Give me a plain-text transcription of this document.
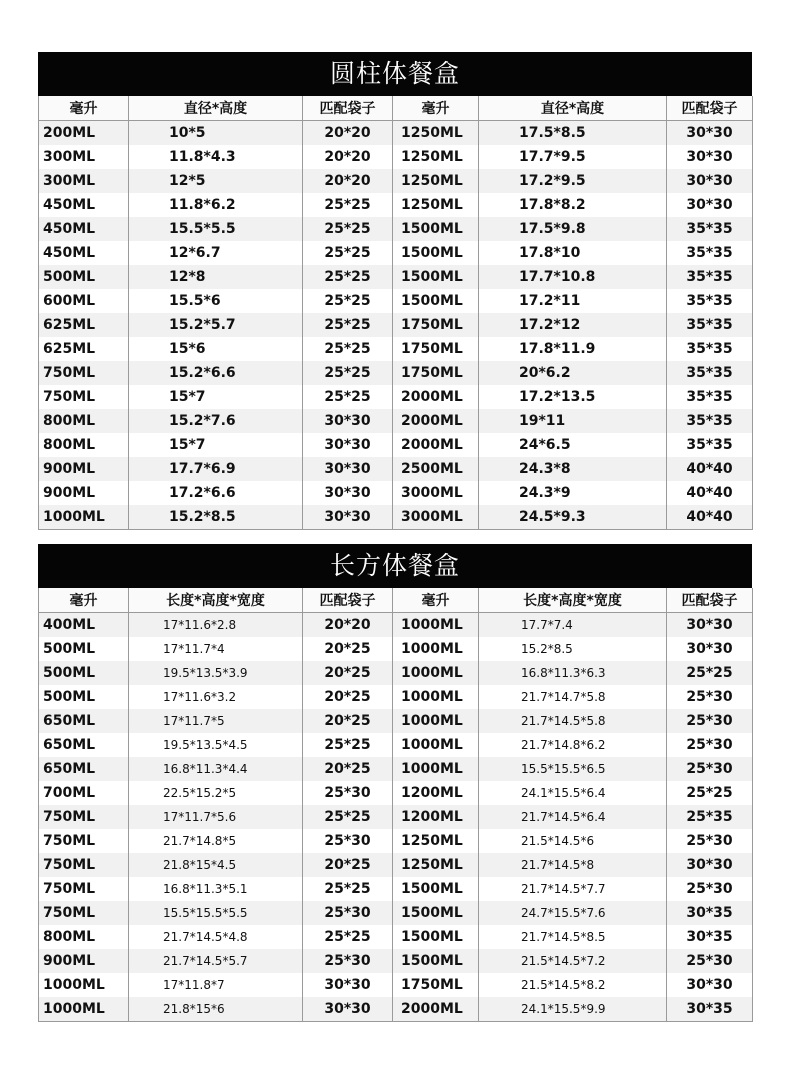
圆柱体餐盒
毫升	直径*高度	匹配袋子	毫升	直径*高度	匹配袋子
200ML	10*5	20*20	1250ML	17.5*8.5	30*30
300ML	11.8*4.3	20*20	1250ML	17.7*9.5	30*30
300ML	12*5	20*20	1250ML	17.2*9.5	30*30
450ML	11.8*6.2	25*25	1250ML	17.8*8.2	30*30
450ML	15.5*5.5	25*25	1500ML	17.5*9.8	35*35
450ML	12*6.7	25*25	1500ML	17.8*10	35*35
500ML	12*8	25*25	1500ML	17.7*10.8	35*35
600ML	15.5*6	25*25	1500ML	17.2*11	35*35
625ML	15.2*5.7	25*25	1750ML	17.2*12	35*35
625ML	15*6	25*25	1750ML	17.8*11.9	35*35
750ML	15.2*6.6	25*25	1750ML	20*6.2	35*35
750ML	15*7	25*25	2000ML	17.2*13.5	35*35
800ML	15.2*7.6	30*30	2000ML	19*11	35*35
800ML	15*7	30*30	2000ML	24*6.5	35*35
900ML	17.7*6.9	30*30	2500ML	24.3*8	40*40
900ML	17.2*6.6	30*30	3000ML	24.3*9	40*40
1000ML	15.2*8.5	30*30	3000ML	24.5*9.3	40*40
长方体餐盒
毫升	长度*高度*宽度	匹配袋子	毫升	长度*高度*宽度	匹配袋子
400ML	17*11.6*2.8	20*20	1000ML	17.7*7.4	30*30
500ML	17*11.7*4	20*25	1000ML	15.2*8.5	30*30
500ML	19.5*13.5*3.9	20*25	1000ML	16.8*11.3*6.3	25*25
500ML	17*11.6*3.2	20*25	1000ML	21.7*14.7*5.8	25*30
650ML	17*11.7*5	20*25	1000ML	21.7*14.5*5.8	25*30
650ML	19.5*13.5*4.5	25*25	1000ML	21.7*14.8*6.2	25*30
650ML	16.8*11.3*4.4	20*25	1000ML	15.5*15.5*6.5	25*30
700ML	22.5*15.2*5	25*30	1200ML	24.1*15.5*6.4	25*25
750ML	17*11.7*5.6	25*25	1200ML	21.7*14.5*6.4	25*35
750ML	21.7*14.8*5	25*30	1250ML	21.5*14.5*6	25*30
750ML	21.8*15*4.5	20*25	1250ML	21.7*14.5*8	30*30
750ML	16.8*11.3*5.1	25*25	1500ML	21.7*14.5*7.7	25*30
750ML	15.5*15.5*5.5	25*30	1500ML	24.7*15.5*7.6	30*35
800ML	21.7*14.5*4.8	25*25	1500ML	21.7*14.5*8.5	30*35
900ML	21.7*14.5*5.7	25*30	1500ML	21.5*14.5*7.2	25*30
1000ML	17*11.8*7	30*30	1750ML	21.5*14.5*8.2	30*30
1000ML	21.8*15*6	30*30	2000ML	24.1*15.5*9.9	30*35
